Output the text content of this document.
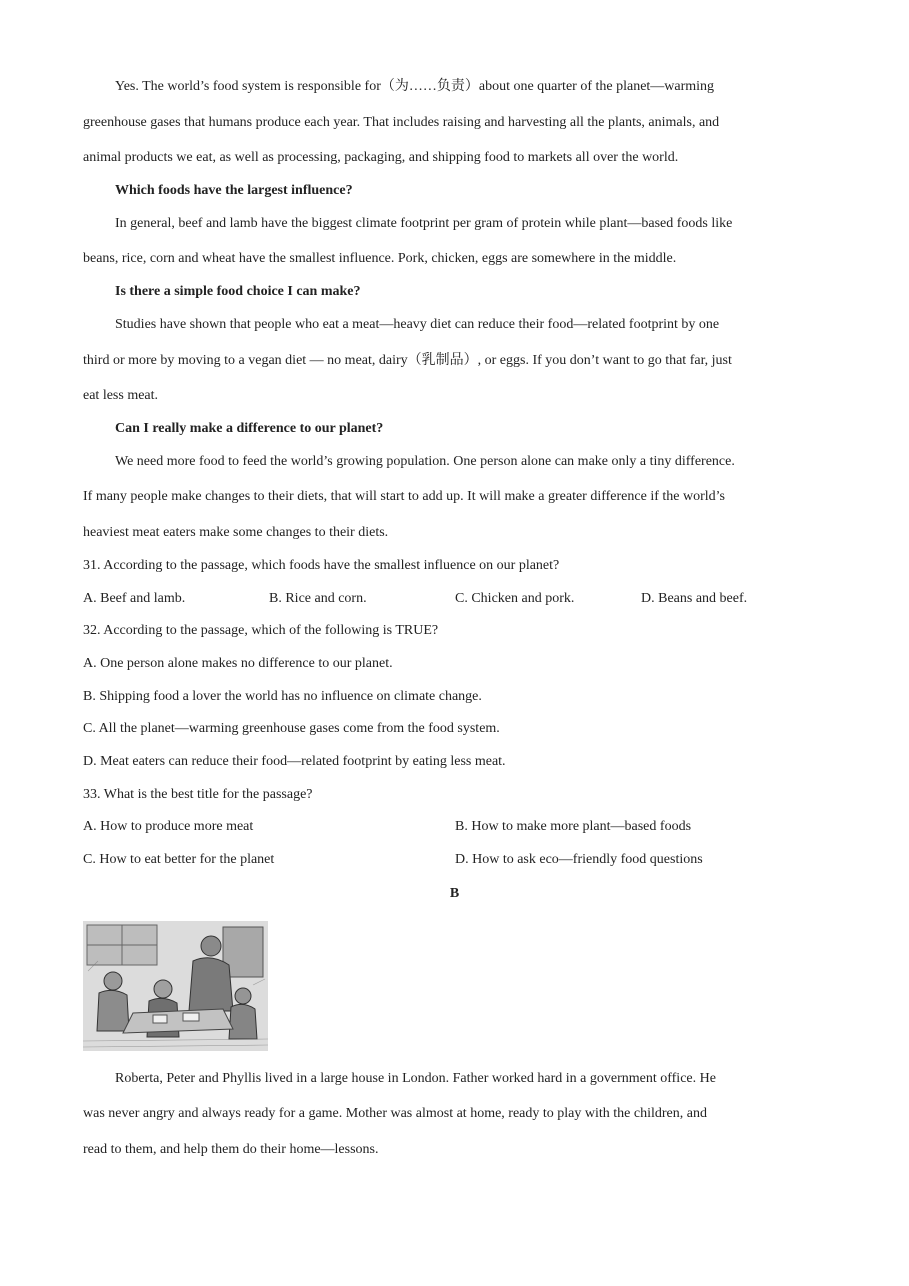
Yes. The world’s food system is responsible for（为……负责）about one quarter of the planet—warming
greenhouse gases that humans produce each year. That includes raising and harvesting all the plants, animals, and
animal products we eat, as well as processing, packaging, and shipping food to markets all over the world.
Which foods have the largest influence?
In general, beef and lamb have the biggest climate footprint per gram of protein while plant—based foods like
beans, rice, corn and wheat have the smallest influence. Pork, chicken, eggs are somewhere in the middle.
Is there a simple food choice I can make?
Studies have shown that people who eat a meat—heavy diet can reduce their food—related footprint by one
third or more by moving to a vegan diet — no meat, dairy（乳制品）, or eggs. If you don’t want to go that far, just
eat less meat.
Can I really make a difference to our planet?
We need more food to feed the world’s growing population. One person alone can make only a tiny difference.
If many people make changes to their diets, that will start to add up. It will make a greater difference if the world’s
heaviest meat eaters make some changes to their diets.
31. According to the passage, which foods have the smallest influence on our planet?
A. Beef and lamb.	B. Rice and corn.	C. Chicken and pork.	D. Beans and beef.
32. According to the passage, which of the following is TRUE?
A. One person alone makes no difference to our planet.
B. Shipping food a lover the world has no influence on climate change.
C. All the planet—warming greenhouse gases come from the food system.
D. Meat eaters can reduce their food—related footprint by eating less meat.
33. What is the best title for the passage?
A. How to produce more meat	B. How to make more plant—based foods
C. How to eat better for the planet	D. How to ask eco—friendly food questions
B
Roberta, Peter and Phyllis lived in a large house in London. Father worked hard in a government office. He
was never angry and always ready for a game. Mother was almost at home, ready to play with the children, and
read to them, and help them do their home—lessons.
